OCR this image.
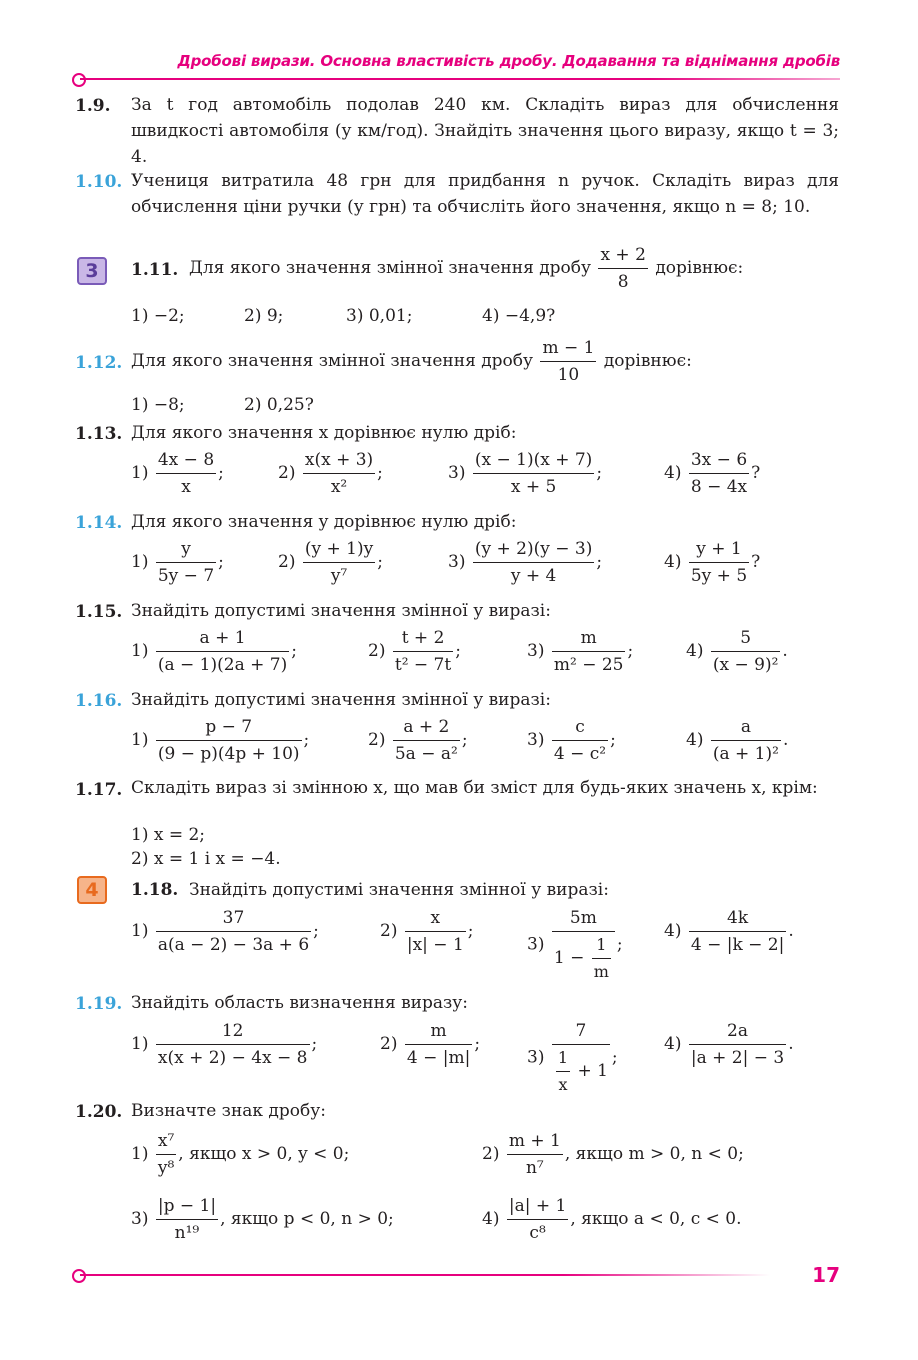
Дробові вирази. Основна властивість дробу. Додавання та віднімання дробів
1.9. За t год автомобіль подолав 240 км. Складіть вираз для обчислення швидкості автомобіля (у км/год). Знайдіть значення цього виразу, якщо t = 3; 4.
1.10. Учениця витратила 48 грн для придбання n ручок. Складіть вираз для обчислення ціни ручки (у грн) та обчисліть його значення, якщо n = 8; 10.
3	1.11. Для якого значення змінної значення дробу $\frac{x + 2}{8}$ дорівнює:
1) −2;	2) 9;	3) 0,01;	4) −4,9?
1.12. Для якого значення змінної значення дробу $\frac{m - 1}{10}$ дорівнює:
1) −8;	2) 0,25?
1.13. Для якого значення x дорівнює нулю дріб:
$1) \frac{4x - 8}{x}$ ;	$2) \frac{x(x + 3)}{\text{x²}}$ ;	$3) \frac{(x - 1)(x + 7)}{x + 5}$ ;	$4) \frac{3x - 6}{8 - 4x}$ ?
1.14. Для якого значення y дорівнює нулю дріб:
$1) \frac{y}{5y - 7}$ ;	$2) \frac{(y + 1)y}{\text{y⁷}}$ ;	$3) \frac{(y + 2)(y - 3)}{y + 4}$ ;	$4) \frac{y + 1}{5y + 5}$ ?
1.15. Знайдіть допустимі значення змінної у виразі:
$1) \frac{a + 1}{(a - 1)(2a + 7)}$ ;	$2) \frac{t + 2}{\text{t² − 7t}}$ ;	$3) \frac{m}{\text{m² − 25}}$ ;	$4) \frac{5}{\text{(x − 9)²}}$ .
1.16. Знайдіть допустимі значення змінної у виразі:
$1) \frac{p - 7}{(9 - p)(4p + 10)}$ ;	$2) \frac{a + 2}{\text{5a − a²}}$ ;	$3) \frac{c}{\text{4 − c²}}$ ;	$4) \frac{a}{\text{(a + 1)²}}$ .
1.17. Складіть вираз зі змінною x, що мав би зміст для будь-яких значень x, крім:
1) x = 2;
2) x = 1 і x = −4.
4	1.18. Знайдіть допустимі значення змінної у виразі:
$1) \frac{37}{a(a - 2) - 3a + 6}$ ;	$2) \frac{x}{|x| - 1}$ ;
$3) \frac{5m}{1 - \frac{1}{m}}$ ;
$4) \frac{4k}{4 - |k - 2|}$ .
1.19. Знайдіть область визначення виразу:
$1) \frac{12}{x(x + 2) - 4x - 8}$ ;	$2) \frac{m}{4 - |m|}$ ;
$3) \frac{7}{\frac{1}{x} + 1}$ ;
$4) \frac{2a}{|a + 2| - 3}$ .
1.20. Визначте знак дробу:
$1) \frac{\text{x⁷}}{\text{y⁸}}$ , якщо x > 0, y < 0;	$2) \frac{m + 1}{\text{n⁷}}$ , якщо m > 0, n < 0;
$3) \frac{|p - 1|}{\text{n¹⁹}}$ , якщо p < 0, n > 0;	$4) \frac{|a| + 1}{\text{c⁸}}$ , якщо a < 0, c < 0.
17
